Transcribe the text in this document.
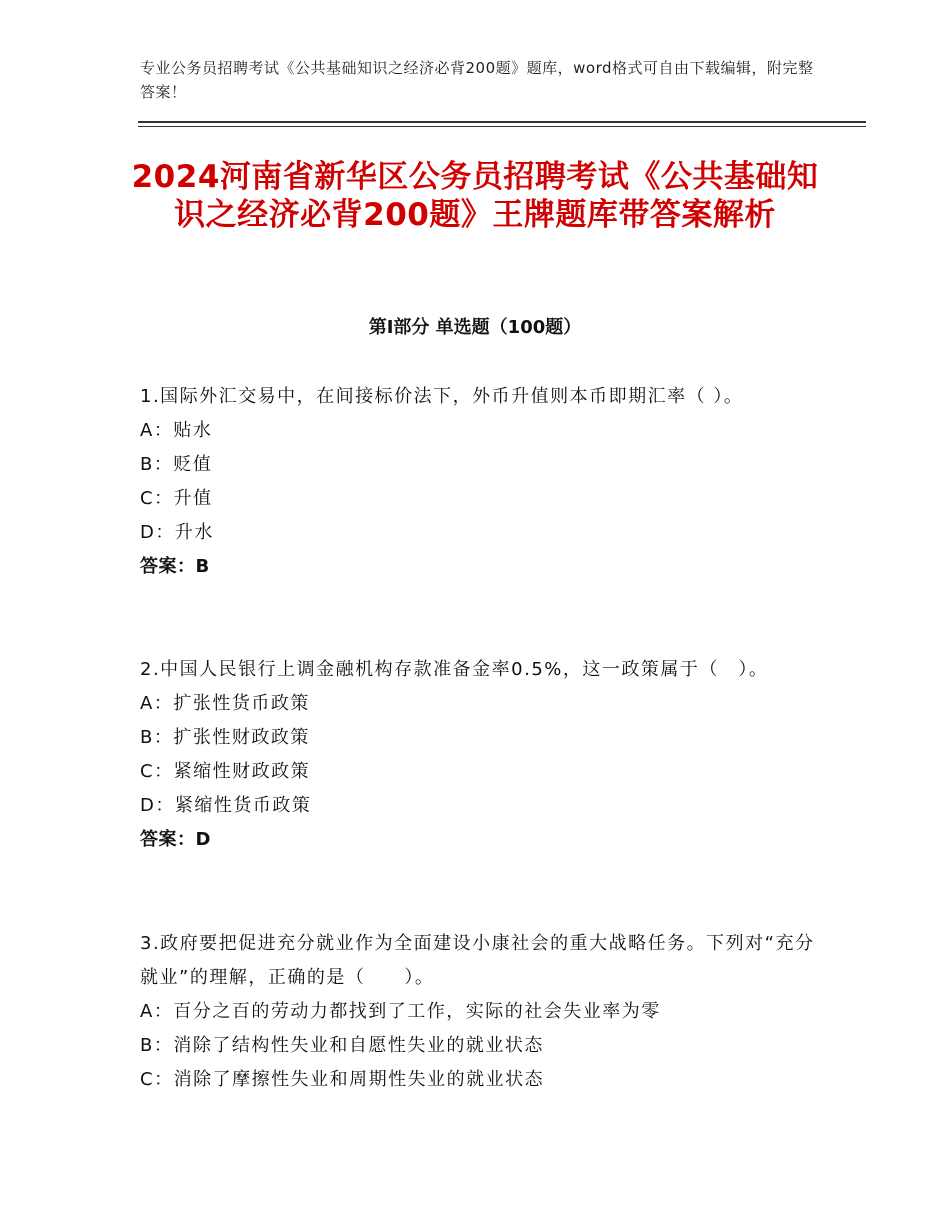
专业公务员招聘考试《公共基础知识之经济必背200题》题库，word格式可自由下载编辑，附完整答案！
2024河南省新华区公务员招聘考试《公共基础知识之经济必背200题》王牌题库带答案解析
第Ⅰ部分 单选题（100题）

1.国际外汇交易中，在间接标价法下，外币升值则本币即期汇率（ ）。

A：贴水

B：贬值

C：升值

D：升水

答案：B

2.中国人民银行上调金融机构存款准备金率0.5%，这一政策属于（　）。

A：扩张性货币政策

B：扩张性财政政策

C：紧缩性财政政策

D：紧缩性货币政策

答案：D

3.政府要把促进充分就业作为全面建设小康社会的重大战略任务。下列对“充分就业”的理解，正确的是（　　）。

A：百分之百的劳动力都找到了工作，实际的社会失业率为零

B：消除了结构性失业和自愿性失业的就业状态

C：消除了摩擦性失业和周期性失业的就业状态
